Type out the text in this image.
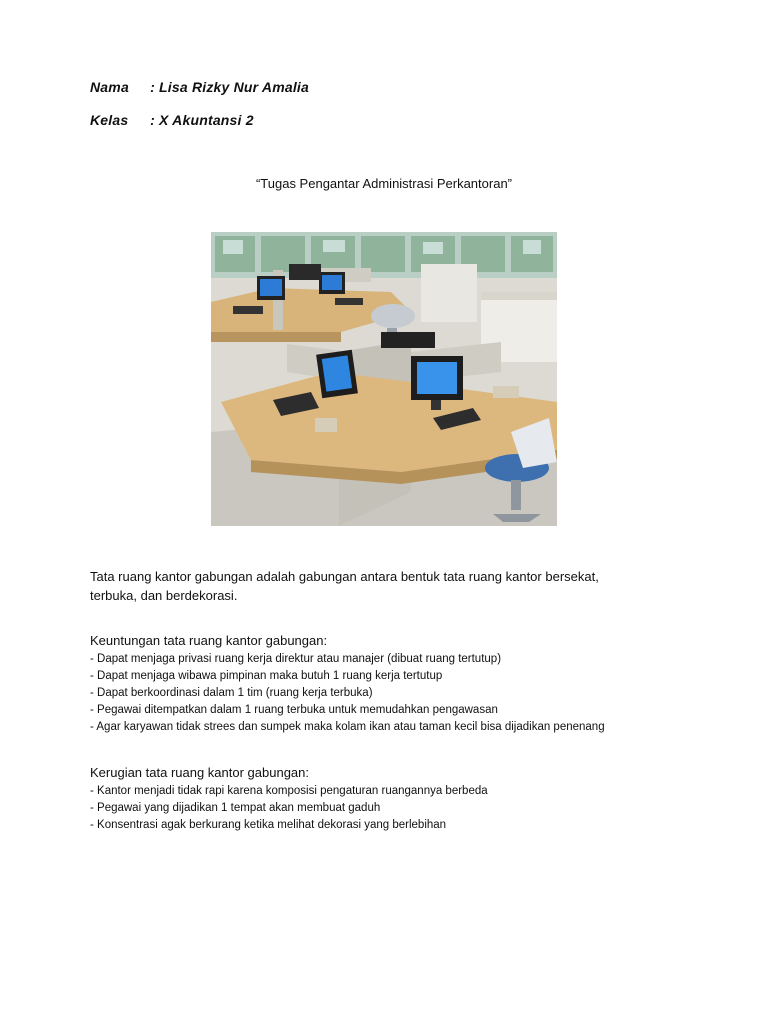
Nama : Lisa Rizky Nur Amalia
Kelas : X Akuntansi 2
“Tugas Pengantar Administrasi Perkantoran”
Tata ruang kantor gabungan adalah gabungan antara bentuk tata ruang kantor bersekat,
terbuka, dan berdekorasi.
Keuntungan tata ruang kantor gabungan:
- Dapat menjaga privasi ruang kerja direktur atau manajer (dibuat ruang tertutup)
- Dapat menjaga wibawa pimpinan maka butuh 1 ruang kerja tertutup
- Dapat berkoordinasi dalam 1 tim (ruang kerja terbuka)
- Pegawai ditempatkan dalam 1 ruang terbuka untuk memudahkan pengawasan
- Agar karyawan tidak strees dan sumpek maka kolam ikan atau taman kecil bisa dijadikan penenang
Kerugian tata ruang kantor gabungan:
- Kantor menjadi tidak rapi karena komposisi pengaturan ruangannya berbeda
- Pegawai yang dijadikan 1 tempat akan membuat gaduh
- Konsentrasi agak berkurang ketika melihat dekorasi yang berlebihan
